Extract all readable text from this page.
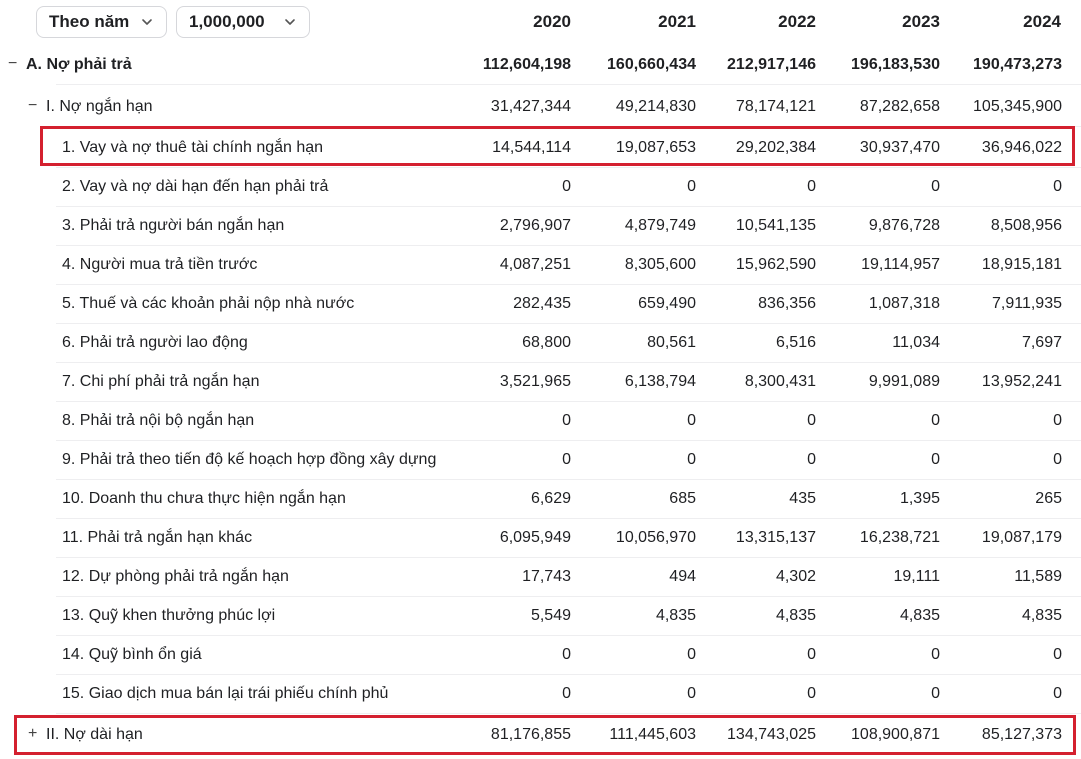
Theo năm	1,000,000	2020	2021	2022	2023	2024
− A. Nợ phải trả	112,604,198	160,660,434	212,917,146	196,183,530	190,473,273
− I. Nợ ngắn hạn	31,427,344	49,214,830	78,174,121	87,282,658	105,345,900
1. Vay và nợ thuê tài chính ngắn hạn	14,544,114	19,087,653	29,202,384	30,937,470	36,946,022
2. Vay và nợ dài hạn đến hạn phải trả	0	0	0	0	0
3. Phải trả người bán ngắn hạn	2,796,907	4,879,749	10,541,135	9,876,728	8,508,956
4. Người mua trả tiền trước	4,087,251	8,305,600	15,962,590	19,114,957	18,915,181
5. Thuế và các khoản phải nộp nhà nước	282,435	659,490	836,356	1,087,318	7,911,935
6. Phải trả người lao động	68,800	80,561	6,516	11,034	7,697
7. Chi phí phải trả ngắn hạn	3,521,965	6,138,794	8,300,431	9,991,089	13,952,241
8. Phải trả nội bộ ngắn hạn	0	0	0	0	0
9. Phải trả theo tiến độ kế hoạch hợp đồng xây dựng	0	0	0	0	0
10. Doanh thu chưa thực hiện ngắn hạn	6,629	685	435	1,395	265
11. Phải trả ngắn hạn khác	6,095,949	10,056,970	13,315,137	16,238,721	19,087,179
12. Dự phòng phải trả ngắn hạn	17,743	494	4,302	19,111	11,589
13. Quỹ khen thưởng phúc lợi	5,549	4,835	4,835	4,835	4,835
14. Quỹ bình ổn giá	0	0	0	0	0
15. Giao dịch mua bán lại trái phiếu chính phủ	0	0	0	0	0
+ II. Nợ dài hạn	81,176,855	111,445,603	134,743,025	108,900,871	85,127,373
